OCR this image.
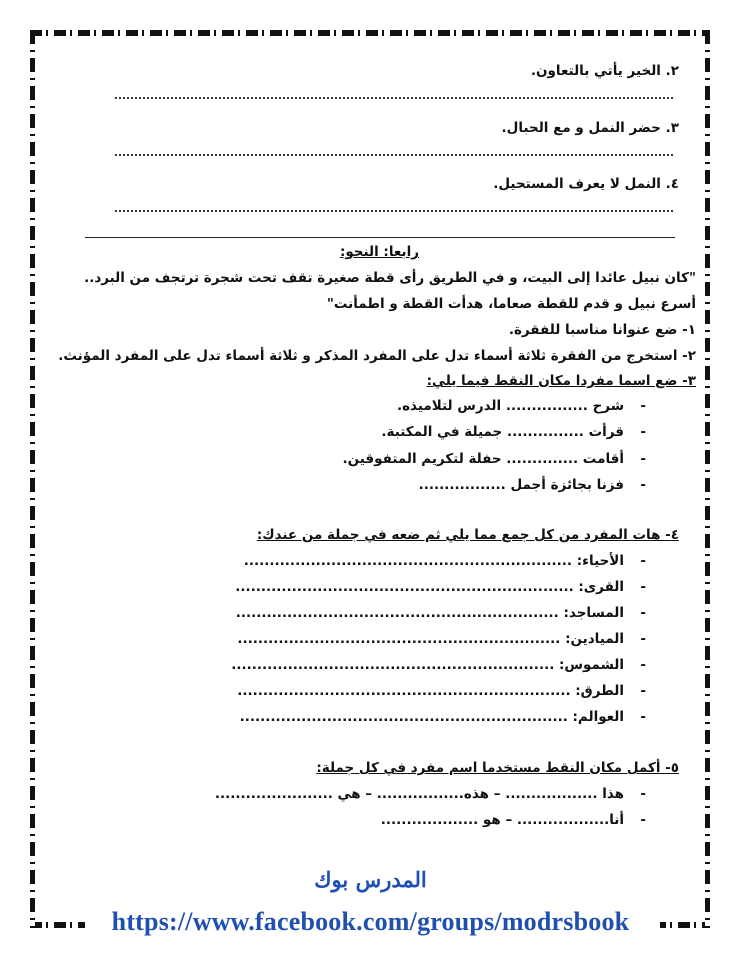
٢. الخير يأتي بالتعاون.
٣. حضر النمل و مع الحبال.
٤. النمل لا يعرف المستحيل.
رابعا: النحو:
"كان نبيل عائدا إلى البيت، و في الطريق رأى قطة صغيرة تقف تحت شجرة ترتجف من البرد..
أسرع نبيل و قدم للقطة صعاما، هدأت القطة و اطمأنت"
١- ضع عنوانا مناسبا للفقرة.
٢- استخرج من الفقرة ثلاثة أسماء تدل على المفرد المذكر و ثلاثة أسماء تدل على المفرد المؤنث.
٣- ضع اسما مفردا مكان النقط فيما يلي:
-شرح ................ الدرس لتلاميذه.
-قرأت ............... جميلة في المكتبة.
-أقامت .............. حفلة لتكريم المتفوقين.
-فزنا بجائزة أجمل .................
٤- هات المفرد من كل جمع مما يلي ثم ضعه في جملة من عندك:
-الأحياء: ................................................................
-القرى: ..................................................................
-المساجد: ...............................................................
-الميادين: ...............................................................
-الشموس: ...............................................................
-الطرق: .................................................................
-العوالم: ................................................................
٥- أكمل مكان النقط مستخدما اسم مفرد في كل جملة:
-هذا .................. – هذه................. – هي .......................
-أنا.................. – هو ...................
المدرس بوك
https://www.facebook.com/groups/modrsbook
